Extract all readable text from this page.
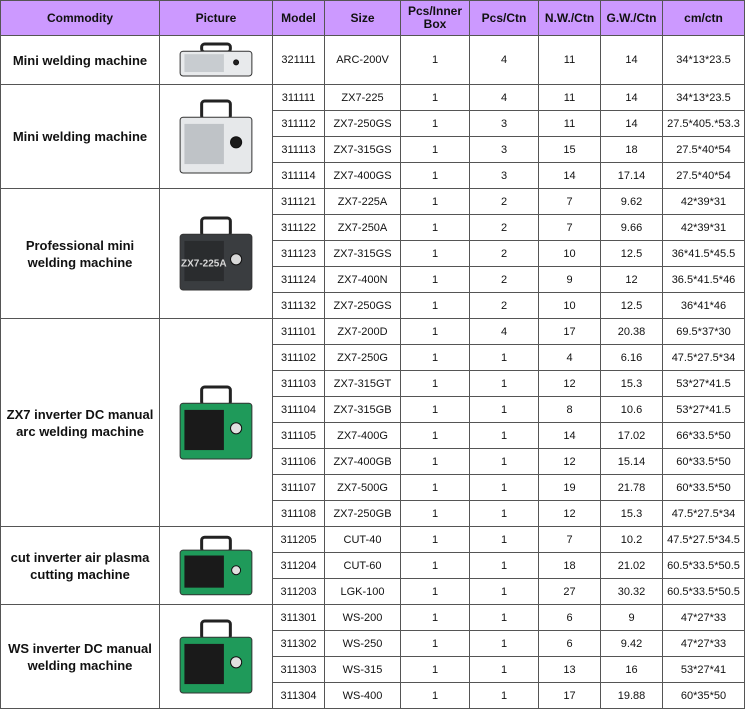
Commodity	Picture	Model	Size	Pcs/Inner Box	Pcs/Ctn	N.W./Ctn	G.W./Ctn	cm/ctn
Mini welding machine		321111	ARC-200V	1	4	11	14	34*13*23.5
Mini welding machine		311111	ZX7-225	1	4	11	14	34*13*23.5
		311112	ZX7-250GS	1	3	11	14	27.5*405.*53.3
		311113	ZX7-315GS	1	3	15	18	27.5*40*54
		311114	ZX7-400GS	1	3	14	17.14	27.5*40*54
Professional mini welding machine	ZX7-225A	311121	ZX7-225A	1	2	7	9.62	42*39*31
		311122	ZX7-250A	1	2	7	9.66	42*39*31
		311123	ZX7-315GS	1	2	10	12.5	36*41.5*45.5
		311124	ZX7-400N	1	2	9	12	36.5*41.5*46
		311132	ZX7-250GS	1	2	10	12.5	36*41*46
ZX7 inverter DC manual arc welding machine		311101	ZX7-200D	1	4	17	20.38	69.5*37*30
		311102	ZX7-250G	1	1	4	6.16	47.5*27.5*34
		311103	ZX7-315GT	1	1	12	15.3	53*27*41.5
		311104	ZX7-315GB	1	1	8	10.6	53*27*41.5
		311105	ZX7-400G	1	1	14	17.02	66*33.5*50
		311106	ZX7-400GB	1	1	12	15.14	60*33.5*50
		311107	ZX7-500G	1	1	19	21.78	60*33.5*50
		311108	ZX7-250GB	1	1	12	15.3	47.5*27.5*34
cut inverter air plasma cutting machine		311205	CUT-40	1	1	7	10.2	47.5*27.5*34.5
		311204	CUT-60	1	1	18	21.02	60.5*33.5*50.5
		311203	LGK-100	1	1	27	30.32	60.5*33.5*50.5
WS inverter DC manual welding machine		311301	WS-200	1	1	6	9	47*27*33
		311302	WS-250	1	1	6	9.42	47*27*33
		311303	WS-315	1	1	13	16	53*27*41
		311304	WS-400	1	1	17	19.88	60*35*50
